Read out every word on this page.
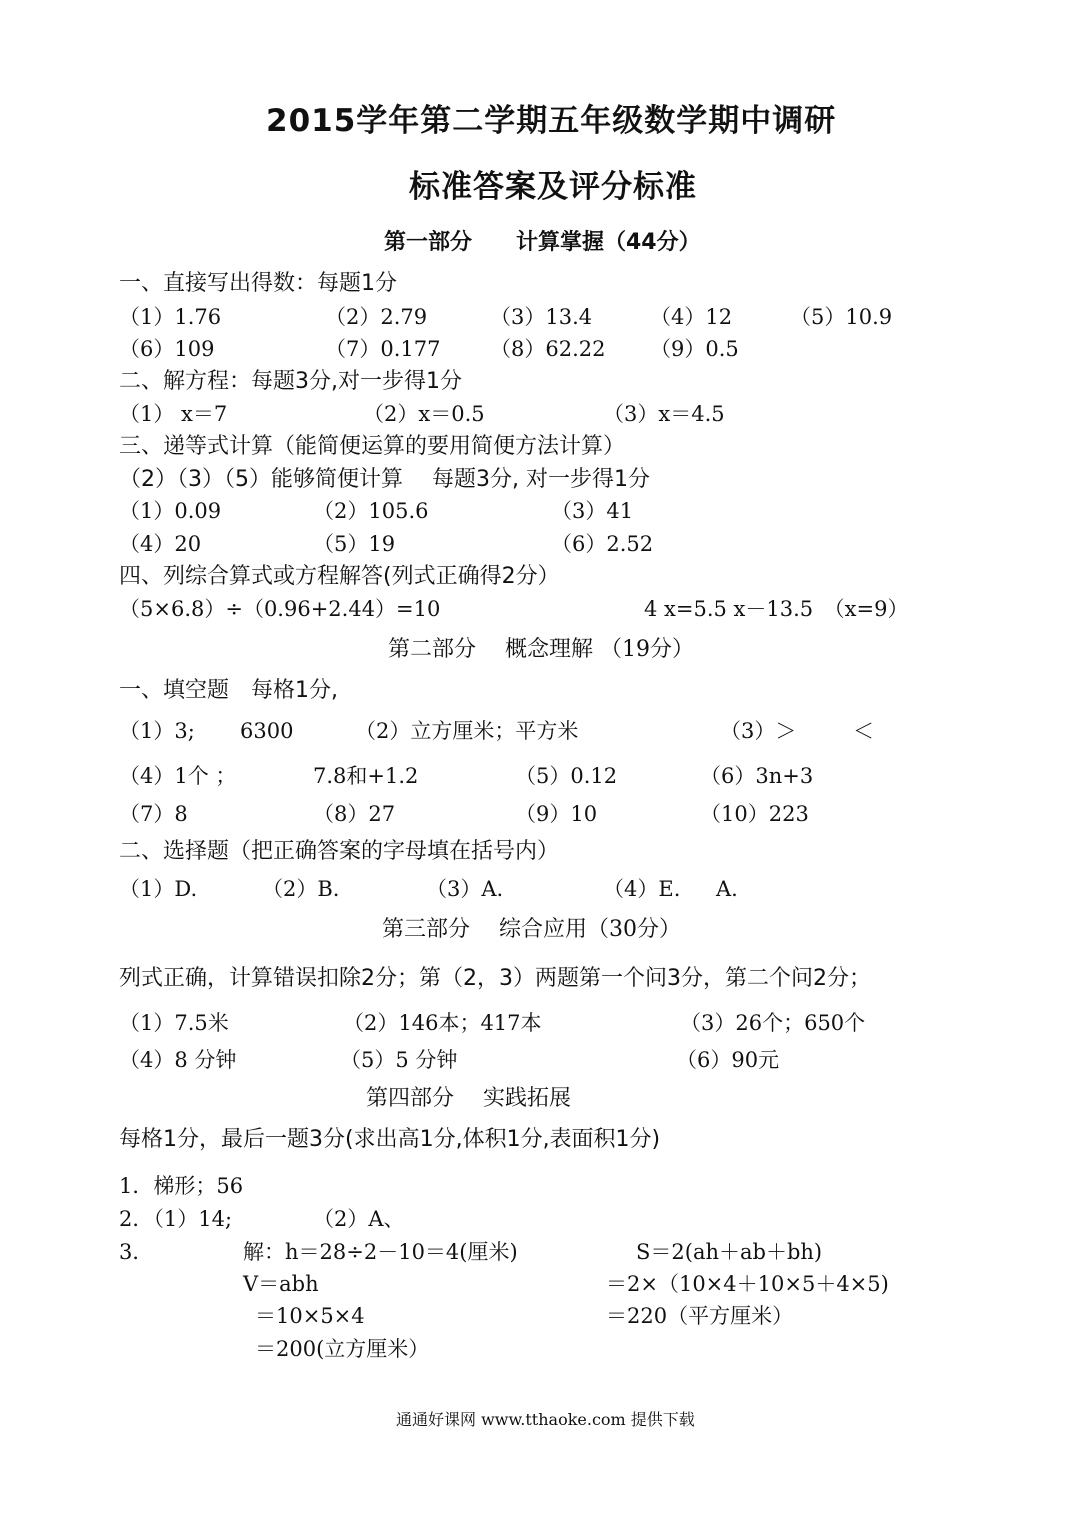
2015学年第二学期五年级数学期中调研
标准答案及评分标准
第一部分　　计算掌握（44分）
一、直接写出得数：每题1分
（1）1.76	（2）2.79	（3）13.4	（4）12	（5）10.9
（6）109	（7）0.177 （8）62.22 （9）0.5
二、解方程：每题3分,对一步得1分
（1） x＝7	（2）x＝0.5	（3）x＝4.5
三、递等式计算（能简便运算的要用简便方法计算）
（2）（3）（5）能够简便计算　 每题3分, 对一步得1分
（1）0.09	（2）105.6	（3）41
（4）20	（5）19	（6）2.52
四、列综合算式或方程解答(列式正确得2分）
（5×6.8）÷（0.96+2.44）=10	4 x=5.5 x－13.5　（x=9）
第二部分　 概念理解 （19分）
一、填空题　每格1分,
（1）3; 6300	（2）立方厘米；平方米	（3）＞	＜
（4）1个 ；	7.8和+1.2	（5）0.12	（6）3n+3
（7）8	（8）27	（9）10	（10）223
二、选择题（把正确答案的字母填在括号内）
（1）D.	（2）B.	（3）A.	（4）E. A.
第三部分　 综合应用（30分）
列式正确，计算错误扣除2分；第（2，3）两题第一个问3分，第二个问2分；
（1）7.5米	（2）146本；417本	（3）26个；650个
（4）8 分钟	（5）5 分钟	（6）90元
第四部分　 实践拓展
每格1分，最后一题3分(求出高1分,体积1分,表面积1分)
1．梯形；56
2．（1）14;	（2）A、
3．	解：h＝28÷2－10＝4(厘米)	S＝2(ah＋ab＋bh)
V＝abh	＝2×（10×4＋10×5＋4×5)
＝10×5×4	＝220（平方厘米）
＝200(立方厘米）
通通好课网 www.tthaoke.com 提供下载
